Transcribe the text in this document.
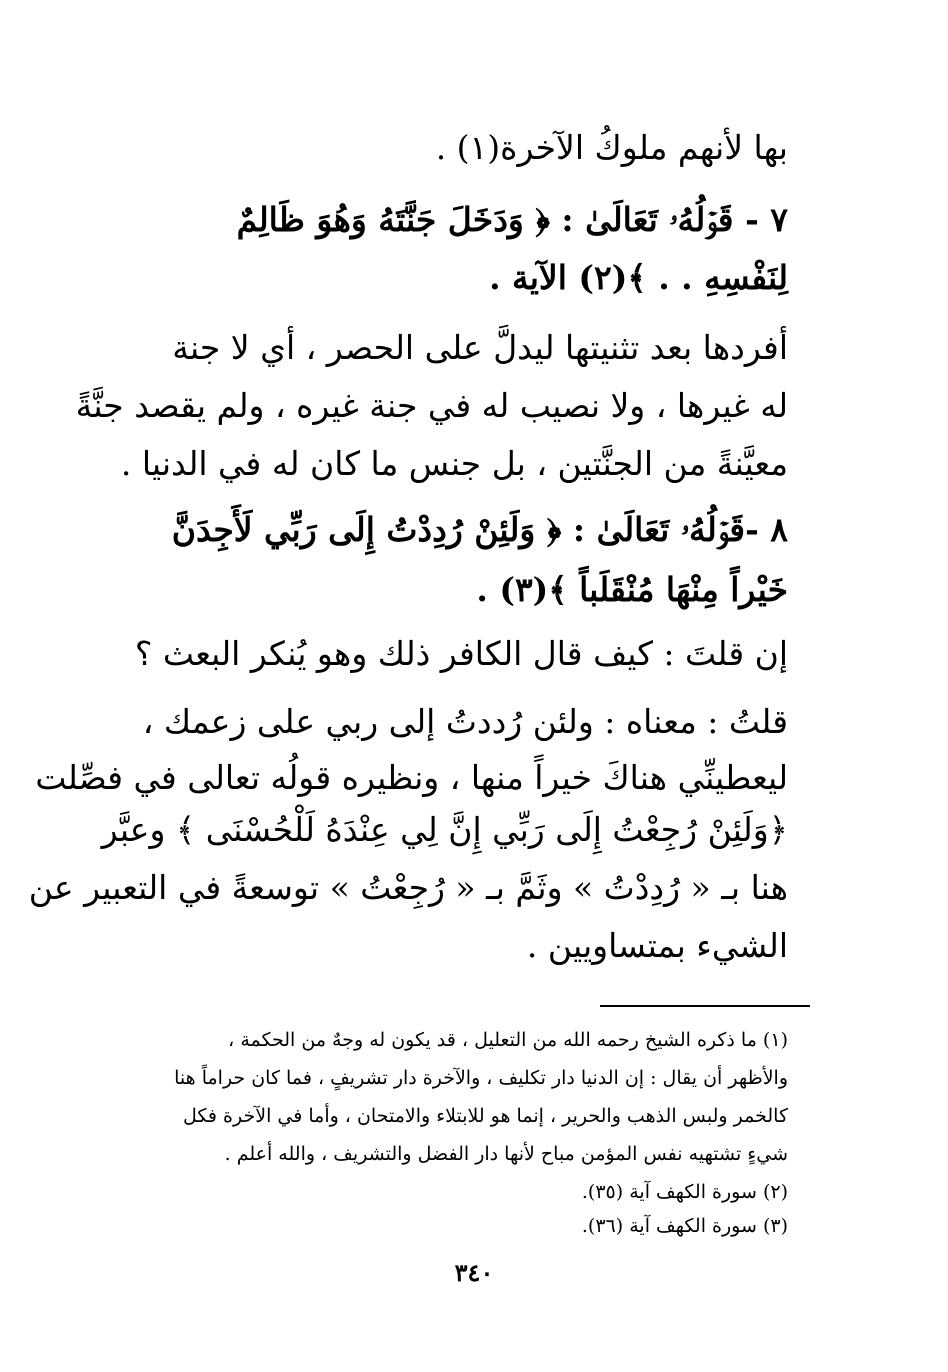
بها لأنهم ملوكُ الآخرة(١) .
٧ - قَوۡلُهُۥ تَعَالَىٰ : ﴿ وَدَخَلَ جَنَّتَهُ وَهُوَ ظَالِمٌ
لِنَفْسِهِ . . ﴾(٢) الآية .
أفردها بعد تثنيتها ليدلَّ على الحصر ، أي لا جنة
له غيرها ، ولا نصيب له في جنة غيره ، ولم يقصد جنَّةً
معيَّنةً من الجنَّتين ، بل جنس ما كان له في الدنيا .
٨ -قَوۡلُهُۥ تَعَالَىٰ : ﴿ وَلَئِنْ رُدِدْتُ إِلَى رَبِّي لَأَجِدَنَّ
خَيْراً مِنْهَا مُنْقَلَباً ﴾(٣) .
إن قلتَ : كيف قال الكافر ذلك وهو يُنكر البعث ؟
قلتُ : معناه : ولئن رُددتُ إلى ربي على زعمك ،
ليعطينِّي هناكَ خيراً منها ، ونظيره قولُه تعالى في فصِّلت
﴿وَلَئِنْ رُجِعْتُ إِلَى رَبِّي إِنَّ لِي عِنْدَهُ لَلْحُسْنَى ﴾ وعبَّر
هنا بـ « رُدِدْتُ » وثَمَّ بـ « رُجِعْتُ » توسعةً في التعبير عن
الشيء بمتساويين .
(١) ما ذكره الشيخ رحمه الله من التعليل ، قد يكون له وجهٌ من الحكمة ،
والأظهر أن يقال : إن الدنيا دار تكليف ، والآخرة دار تشريفٍ ، فما كان حراماً هنا
كالخمر ولبس الذهب والحرير ، إنما هو للابتلاء والامتحان ، وأما في الآخرة فكل
شيءٍ تشتهيه نفس المؤمن مباح لأنها دار الفضل والتشريف ، والله أعلم .
(٢) سورة الكهف آية (٣٥).
(٣) سورة الكهف آية (٣٦).
٣٤٠
